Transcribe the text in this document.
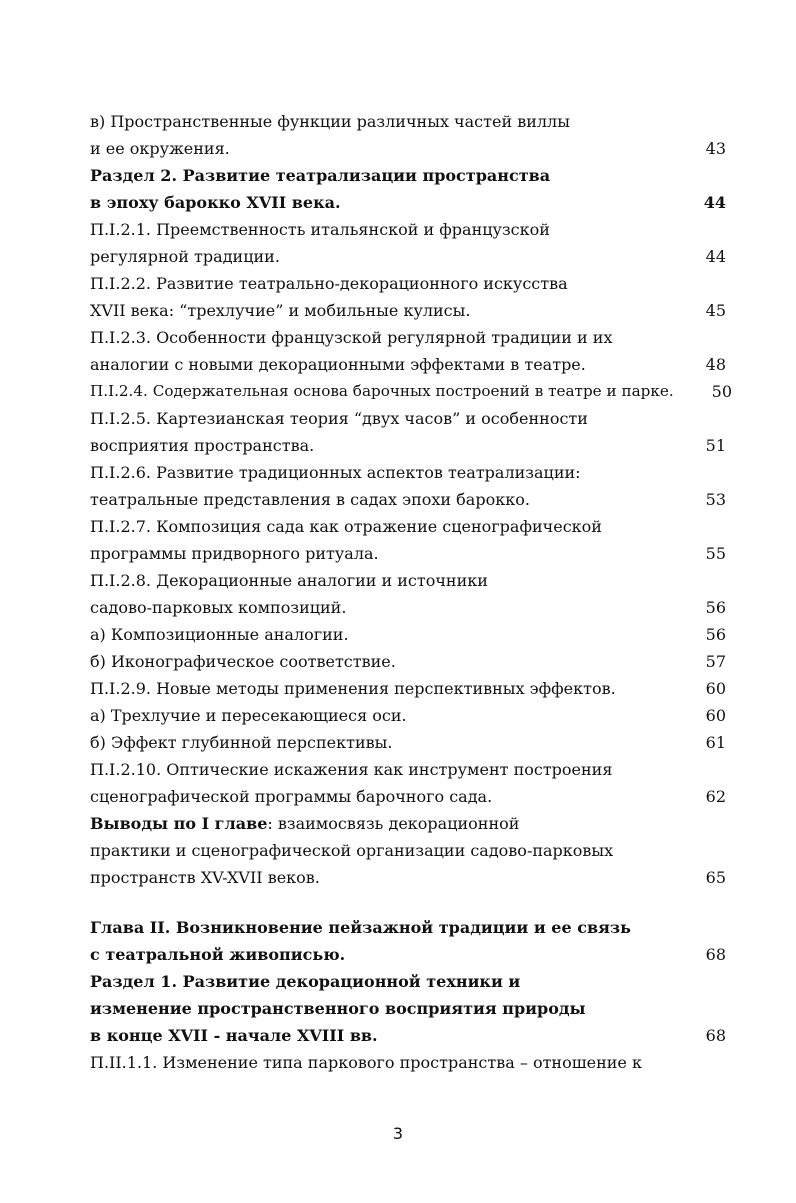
в) Пространственные функции различных частей виллы
и ее окружения.	43
Раздел 2. Развитие театрализации пространства
в эпоху барокко XVII века.	44
П.I.2.1. Преемственность итальянской и французской
регулярной традиции.	44
П.I.2.2. Развитие театрально-декорационного искусства
XVII века: “трехлучие” и мобильные кулисы.	45
П.I.2.3. Особенности французской регулярной традиции и их
аналогии с новыми декорационными эффектами в театре.	48
П.I.2.4. Содержательная основа барочных построений в театре и парке. 50
П.I.2.5. Картезианская теория “двух часов” и особенности
восприятия пространства.	51
П.I.2.6. Развитие традиционных аспектов театрализации:
театральные представления в садах эпохи барокко.	53
П.I.2.7. Композиция сада как отражение сценографической
программы придворного ритуала.	55
П.I.2.8. Декорационные аналогии и источники
садово-парковых композиций.	56
а) Композиционные аналогии.	56
б) Иконографическое соответствие.	57
П.I.2.9. Новые методы применения перспективных эффектов.	60
а) Трехлучие и пересекающиеся оси.	60
б) Эффект глубинной перспективы.	61
П.I.2.10. Оптические искажения как инструмент построения
сценографической программы барочного сада.	62
Выводы по I главе: взаимосвязь декорационной
практики и сценографической организации садово-парковых
пространств XV-XVII веков.	65
Глава II. Возникновение пейзажной традиции и ее связь
с театральной живописью.	68
Раздел 1. Развитие декорационной техники и
изменение пространственного восприятия природы
в конце XVII - начале XVIII вв.	68
П.II.1.1. Изменение типа паркового пространства – отношение к
3
